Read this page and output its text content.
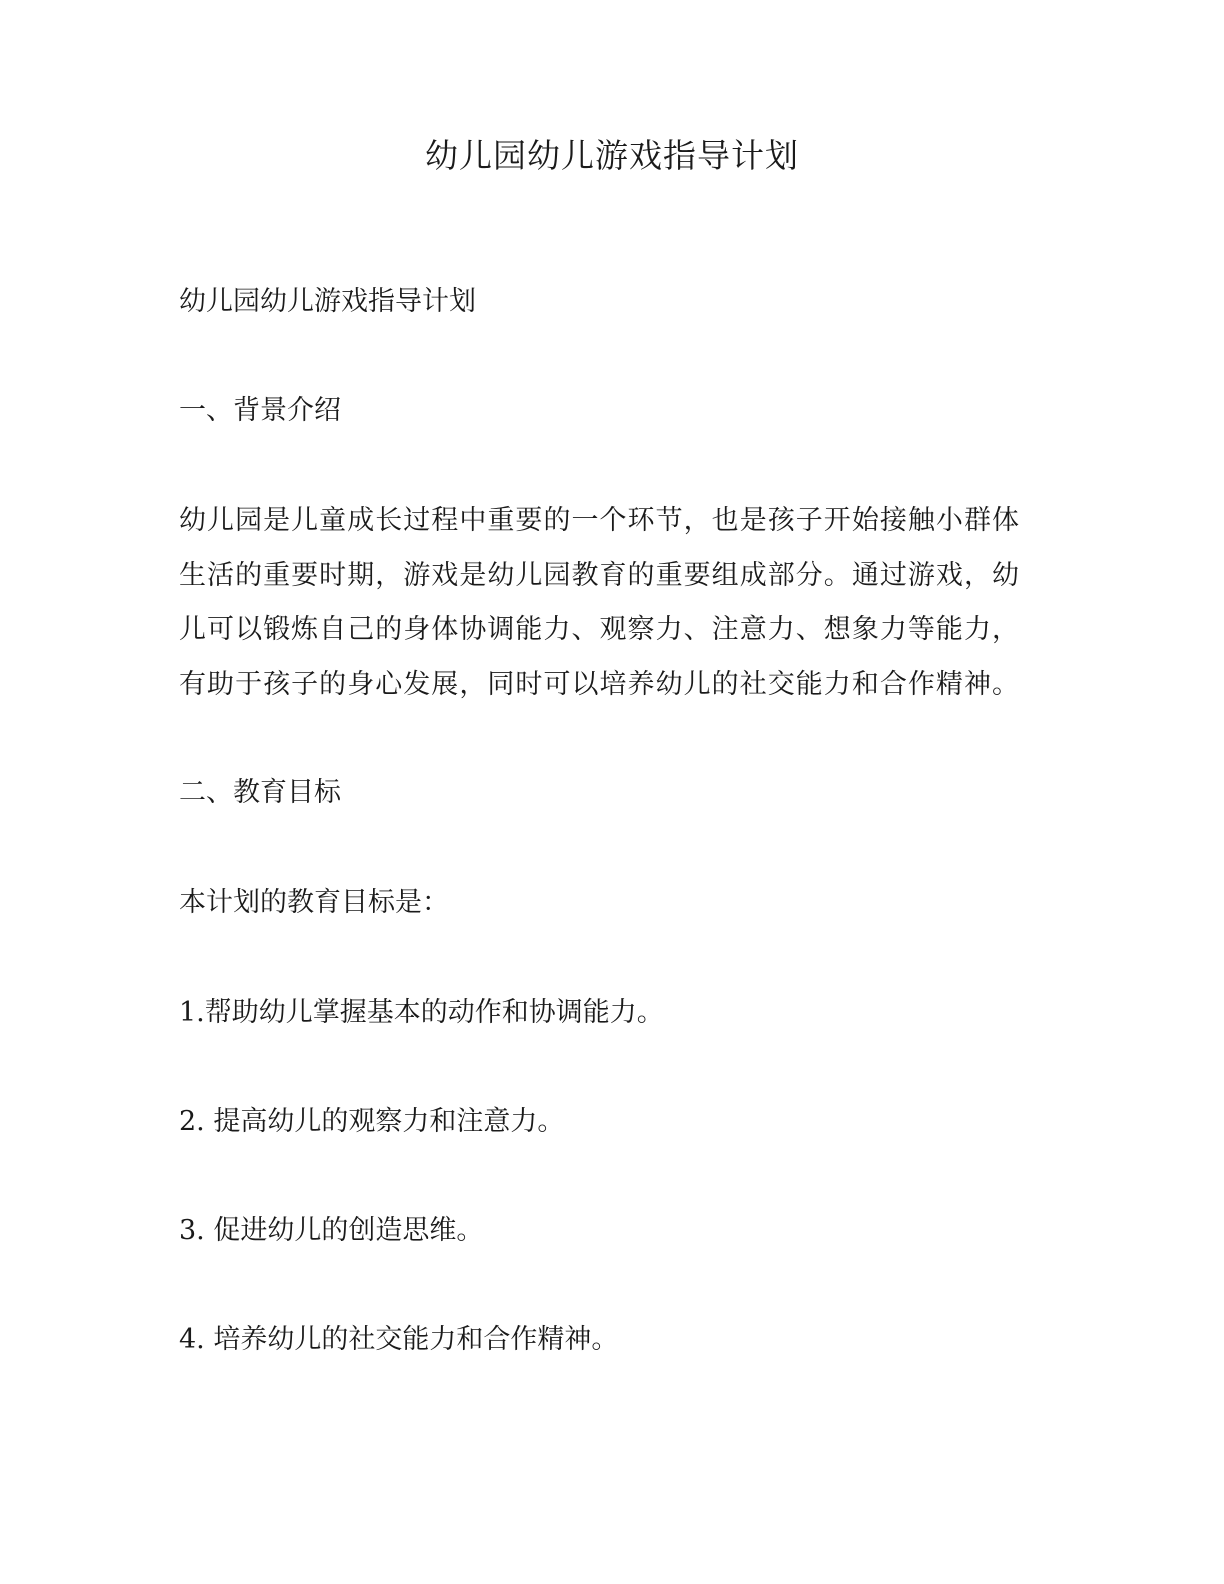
幼儿园幼儿游戏指导计划

幼儿园幼儿游戏指导计划

一、背景介绍

幼儿园是儿童成长过程中重要的一个环节，也是孩子开始接触小群体
生活的重要时期，游戏是幼儿园教育的重要组成部分。通过游戏，幼
儿可以锻炼自己的身体协调能力、观察力、注意力、想象力等能力，
有助于孩子的身心发展，同时可以培养幼儿的社交能力和合作精神。

二、教育目标

本计划的教育目标是：

1.帮助幼儿掌握基本的动作和协调能力。

2. 提高幼儿的观察力和注意力。

3. 促进幼儿的创造思维。

4. 培养幼儿的社交能力和合作精神。
